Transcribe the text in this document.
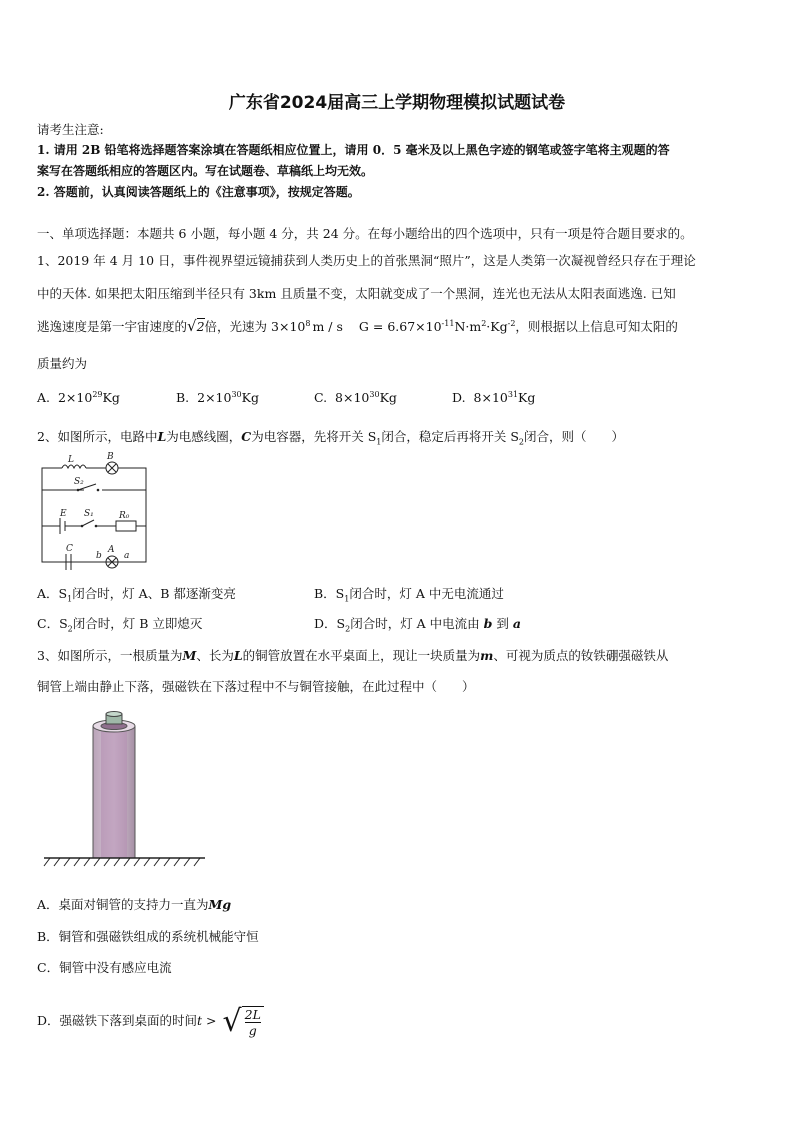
广东省2024届高三上学期物理模拟试题试卷
请考生注意:
1. 请用 2B 铅笔将选择题答案涂填在答题纸相应位置上，请用 0．5 毫米及以上黑色字迹的钢笔或签字笔将主观题的答
案写在答题纸相应的答题区内。写在试题卷、草稿纸上均无效。
2. 答题前，认真阅读答题纸上的《注意事项》，按规定答题。
一、单项选择题：本题共 6 小题，每小题 4 分，共 24 分。在每小题给出的四个选项中，只有一项是符合题目要求的。
1、2019 年 4 月 10 日，事件视界望远镜捕获到人类历史上的首张黑洞“照片”，这是人类第一次凝视曾经只存在于理论
中的天体. 如果把太阳压缩到半径只有 3km 且质量不变，太阳就变成了一个黑洞，连光也无法从太阳表面逃逸. 已知
逃逸速度是第一宇宙速度的√2倍，光速为 $3\times 10^8$ m / s $G = 6.67\times 10^{-11}N\cdot m^2\cdot Kg^{-2}$，则根据以上信息可知太阳的
质量约为
A. $2\times 10^{29}Kg$	B. $2\times 10^{30}Kg$	C. $8\times 10^{30}Kg$	D. $8\times 10^{31}Kg$
2、如图所示，电路中L为电感线圈，C为电容器，先将开关 $S_1$闭合，稳定后再将开关 $S_2$闭合，则（　　）
L	B
S₂
E S₁	R₀
C
b
A
a
A．$S_1$闭合时，灯 A、B 都逐渐变亮	B．$S_1$闭合时，灯 A 中无电流通过
C．$S_2$闭合时，灯 B 立即熄灭	D．$S_2$闭合时，灯 A 中电流由 b 到 a
3、如图所示，一根质量为M、长为L的铜管放置在水平桌面上，现让一块质量为m、可视为质点的钕铁硼强磁铁从
铜管上端由静止下落，强磁铁在下落过程中不与铜管接触，在此过程中（　　）
A．桌面对铜管的支持力一直为Mg
B．铜管和强磁铁组成的系统机械能守恒
C．铜管中没有感应电流
D．强磁铁下落到桌面的时间t > √ $\frac{2L}{g}$
